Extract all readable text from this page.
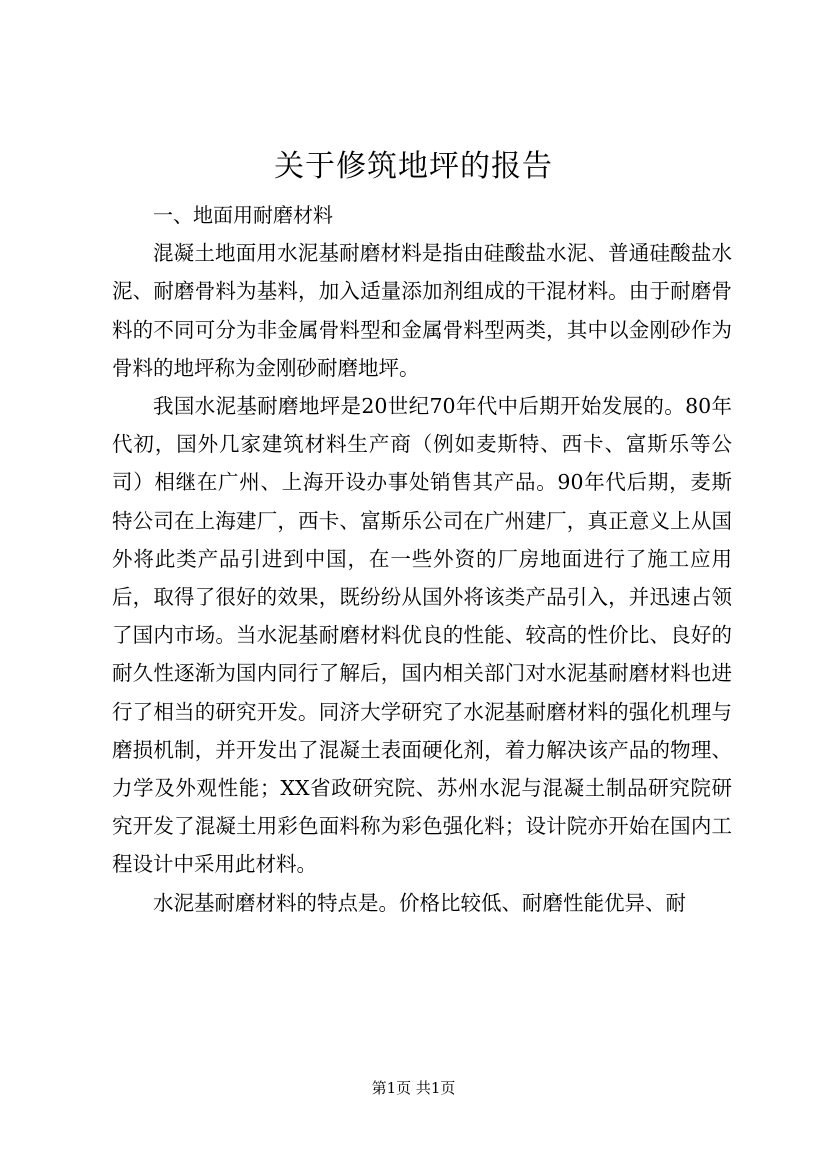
关于修筑地坪的报告

一、地面用耐磨材料

混凝土地面用水泥基耐磨材料是指由硅酸盐水泥、普通硅酸盐水泥、耐磨骨料为基料，加入适量添加剂组成的干混材料。由于耐磨骨料的不同可分为非金属骨料型和金属骨料型两类，其中以金刚砂作为骨料的地坪称为金刚砂耐磨地坪。

我国水泥基耐磨地坪是20世纪70年代中后期开始发展的。80年代初，国外几家建筑材料生产商（例如麦斯特、西卡、富斯乐等公司）相继在广州、上海开设办事处销售其产品。90年代后期，麦斯特公司在上海建厂，西卡、富斯乐公司在广州建厂，真正意义上从国外将此类产品引进到中国，在一些外资的厂房地面进行了施工应用后，取得了很好的效果，既纷纷从国外将该类产品引入，并迅速占领了国内市场。当水泥基耐磨材料优良的性能、较高的性价比、良好的耐久性逐渐为国内同行了解后，国内相关部门对水泥基耐磨材料也进行了相当的研究开发。同济大学研究了水泥基耐磨材料的强化机理与磨损机制，并开发出了混凝土表面硬化剂，着力解决该产品的物理、力学及外观性能；XX省政研究院、苏州水泥与混凝土制品研究院研究开发了混凝土用彩色面料称为彩色强化料；设计院亦开始在国内工程设计中采用此材料。

水泥基耐磨材料的特点是。价格比较低、耐磨性能优异、耐

第1页 共1页
